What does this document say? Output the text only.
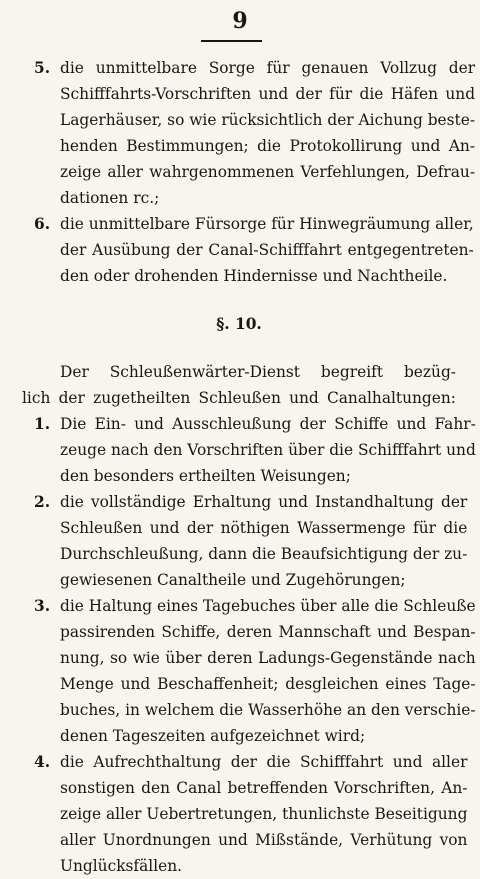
9
5. die unmittelbare Sorge für genauen Vollzug der
Schifffahrts-Vorschriften und der für die Häfen und
Lagerhäuser, so wie rücksichtlich der Aichung beste-
henden Bestimmungen; die Protokollirung und An-
zeige aller wahrgenommenen Verfehlungen, Defrau-
dationen rc.;
6. die unmittelbare Fürsorge für Hinwegräumung aller,
der Ausübung der Canal-Schifffahrt entgegentreten-
den oder drohenden Hindernisse und Nachtheile.
§. 10.
Der Schleußenwärter-Dienst begreift bezüg-
lich der zugetheilten Schleußen und Canalhaltungen:
1. Die Ein- und Ausschleußung der Schiffe und Fahr-
zeuge nach den Vorschriften über die Schifffahrt und
den besonders ertheilten Weisungen;
2. die vollständige Erhaltung und Instandhaltung der
Schleußen und der nöthigen Wassermenge für die
Durchschleußung, dann die Beaufsichtigung der zu-
gewiesenen Canaltheile und Zugehörungen;
3. die Haltung eines Tagebuches über alle die Schleuße
passirenden Schiffe, deren Mannschaft und Bespan-
nung, so wie über deren Ladungs-Gegenstände nach
Menge und Beschaffenheit; desgleichen eines Tage-
buches, in welchem die Wasserhöhe an den verschie-
denen Tageszeiten aufgezeichnet wird;
4. die Aufrechthaltung der die Schifffahrt und aller
sonstigen den Canal betreffenden Vorschriften, An-
zeige aller Uebertretungen, thunlichste Beseitigung
aller Unordnungen und Mißstände, Verhütung von
Unglücksfällen.
